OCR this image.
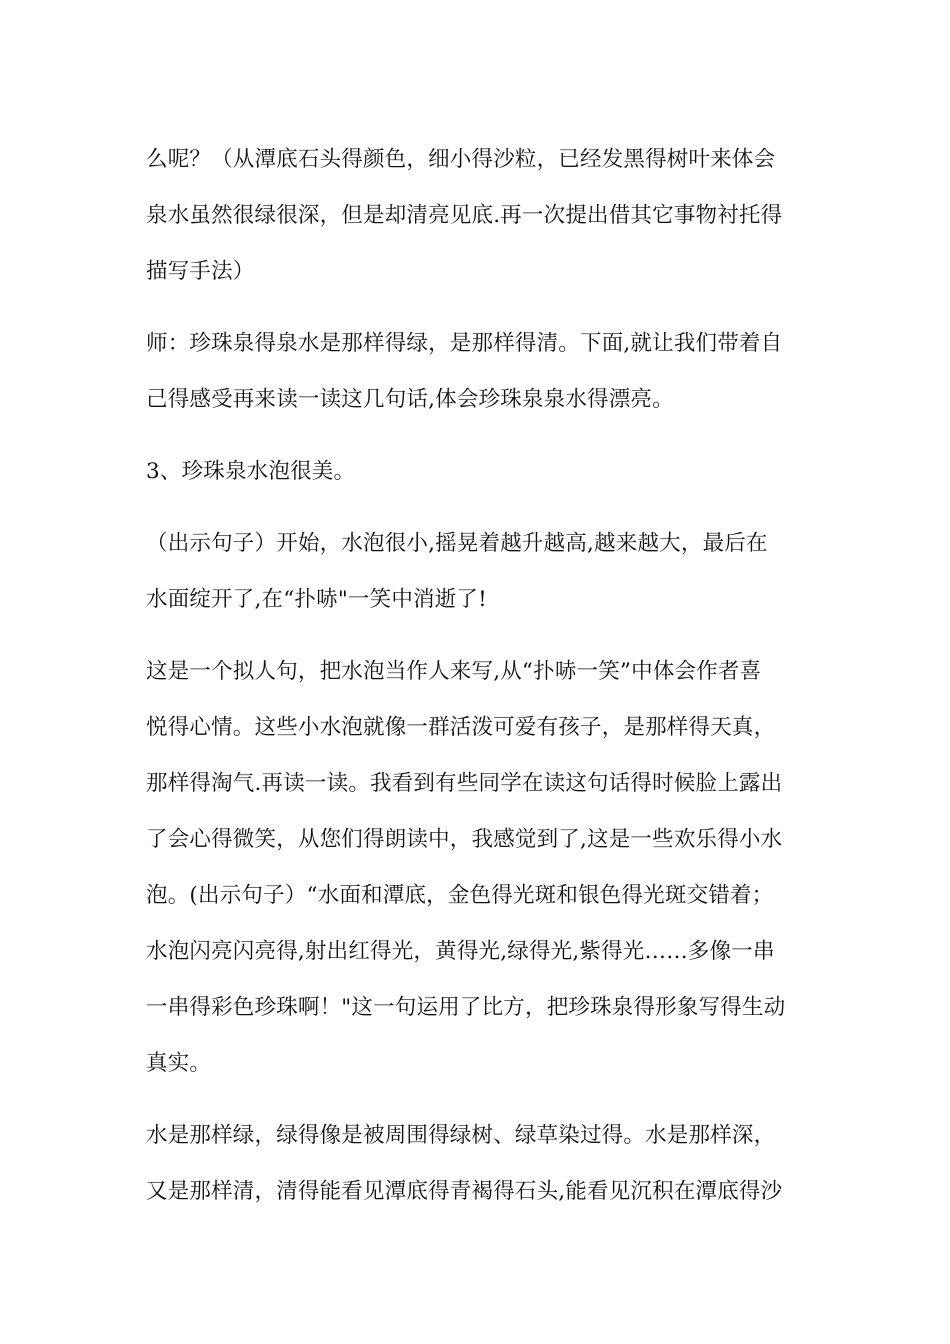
么呢？（从潭底石头得颜色，细小得沙粒，已经发黑得树叶来体会
泉水虽然很绿很深，但是却清亮见底.再一次提出借其它事物衬托得
描写手法）

师：珍珠泉得泉水是那样得绿，是那样得清。下面,就让我们带着自
己得感受再来读一读这几句话,体会珍珠泉泉水得漂亮。

3、珍珠泉水泡很美。

（出示句子）开始，水泡很小,摇晃着越升越高,越来越大，最后在
水面绽开了,在“扑哧"一笑中消逝了!

这是一个拟人句，把水泡当作人来写,从“扑哧一笑”中体会作者喜
悦得心情。这些小水泡就像一群活泼可爱有孩子，是那样得天真，
那样得淘气.再读一读。我看到有些同学在读这句话得时候脸上露出
了会心得微笑，从您们得朗读中，我感觉到了,这是一些欢乐得小水
泡。(出示句子）“水面和潭底，金色得光斑和银色得光斑交错着；
水泡闪亮闪亮得,射出红得光，黄得光,绿得光,紫得光……多像一串
一串得彩色珍珠啊！"这一句运用了比方，把珍珠泉得形象写得生动
真实。

水是那样绿，绿得像是被周围得绿树、绿草染过得。水是那样深，
又是那样清，清得能看见潭底得青褐得石头,能看见沉积在潭底得沙
